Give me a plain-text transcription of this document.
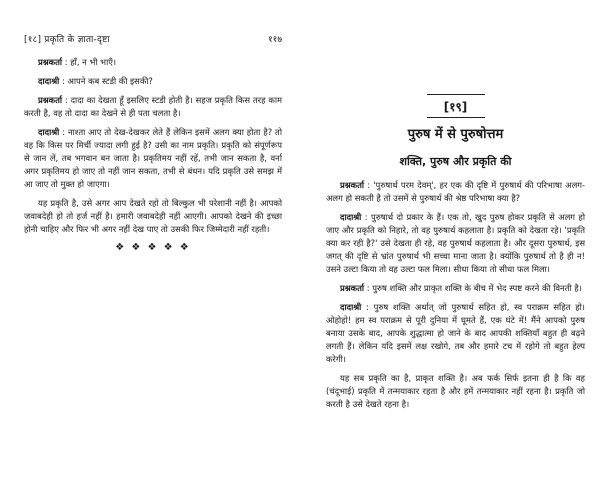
[१८] प्रकृति के ज्ञाता-दृष्टा	११७

प्रश्नकर्ता : हाँ, न भी भाएँ।

दादाश्री : आपने कब स्टडी की इसकी?

प्रश्नकर्ता : दादा का देखता हूँ इसलिए स्टडी होती है। सहज प्रकृति किस तरह काम करती है, वह तो दादा का देखने से ही पता चलता है।

दादाश्री : नाश्ता आए तो देख-देखकर लेते हैं लेकिन इसमें अलग क्या होता है? तो वह कि किस पर मिर्ची ज्यादा लगी हुई है? उसी का नाम प्रकृति। प्रकृति को संपूर्णरूप से जान लें, तब भगवान बन जाता है। प्रकृतिमय नहीं रहें, तभी जान सकता है, वर्ना अगर प्रकृतिमय हो जाए तो नहीं जान सकता, तभी से बंधन। यदि प्रकृति उसे समझ में आ जाए तो मुक्त हो जाएगा।

यह प्रकृति है, उसे अगर आप देखते रहो तो बिल्कुल भी परेशानी नहीं है। आपको जवाबदेही हो तो हर्ज नहीं है। हमारी जवाबदेही नहीं आएगी। आपको देखने की इच्छा होनी चाहिए और फिर भी अगर नहीं देख पाए तो उसकी फिर जिम्मेदारी नहीं रहती।

❖ ❖ ❖ ❖ ❖
[१९]
पुरुष में से पुरुषोत्तम
शक्ति, पुरुष और प्रकृति की

प्रश्नकर्ता : 'पुरुषार्थ परम देवम्', हर एक की दृष्टि में पुरुषार्थ की परिभाषा अलग-अलग हो सकती है तो उसमें से पुरुषार्थ की श्रेष्ठ परिभाषा क्या है?

दादाश्री : पुरुषार्थ दो प्रकार के हैं। एक तो, खुद पुरुष होकर प्रकृति से अलग हो जाए और प्रकृति को निहारे, तो वह पुरुषार्थ कहलाता है। प्रकृति को देखता रहे। 'प्रकृति क्या कर रही है?' उसे देखता ही रहे, वह पुरुषार्थ कहलाता है। और दूसरा पुरुषार्थ, इस जगत् की दृष्टि से भ्रांत पुरुषार्थ भी सच्चा माना जाता है। क्योंकि पुरुषार्थ तो है ही न! उसने उल्टा किया तो वह उल्टा फल मिला। सीधा किया तो सीधा फल मिला।

प्रश्नकर्ता : पुरुष शक्ति और प्राकृत शक्ति के बीच में भेद स्पष्ट करने की विनती है।

दादाश्री : पुरुष शक्ति अर्थात् जो पुरुषार्थ सहित हो, स्व पराक्रम सहित हो। ओहोहो! हम स्व पराक्रम से पूरी दुनिया में घूमते हैं, एक घंटे में! मैंने आपको पुरुष बनाया उसके बाद, आपके शुद्धात्मा हो जाने के बाद आपकी शक्तियाँ बहुत ही बढ़ने लगती हैं। लेकिन यदि इसमें लक्ष रखोगे, तब और हमारे टच में रहोगे तो बहुत हेल्प करेगी।

यह सब प्रकृति का है, प्राकृत शक्ति है। अब फर्क सिर्फ इतना ही है कि वह (चंदूभाई) प्रकृति में तन्मयाकार रहता है और हमें तन्मयाकार नहीं रहना है। प्रकृति जो करती है उसे देखते रहना है।
